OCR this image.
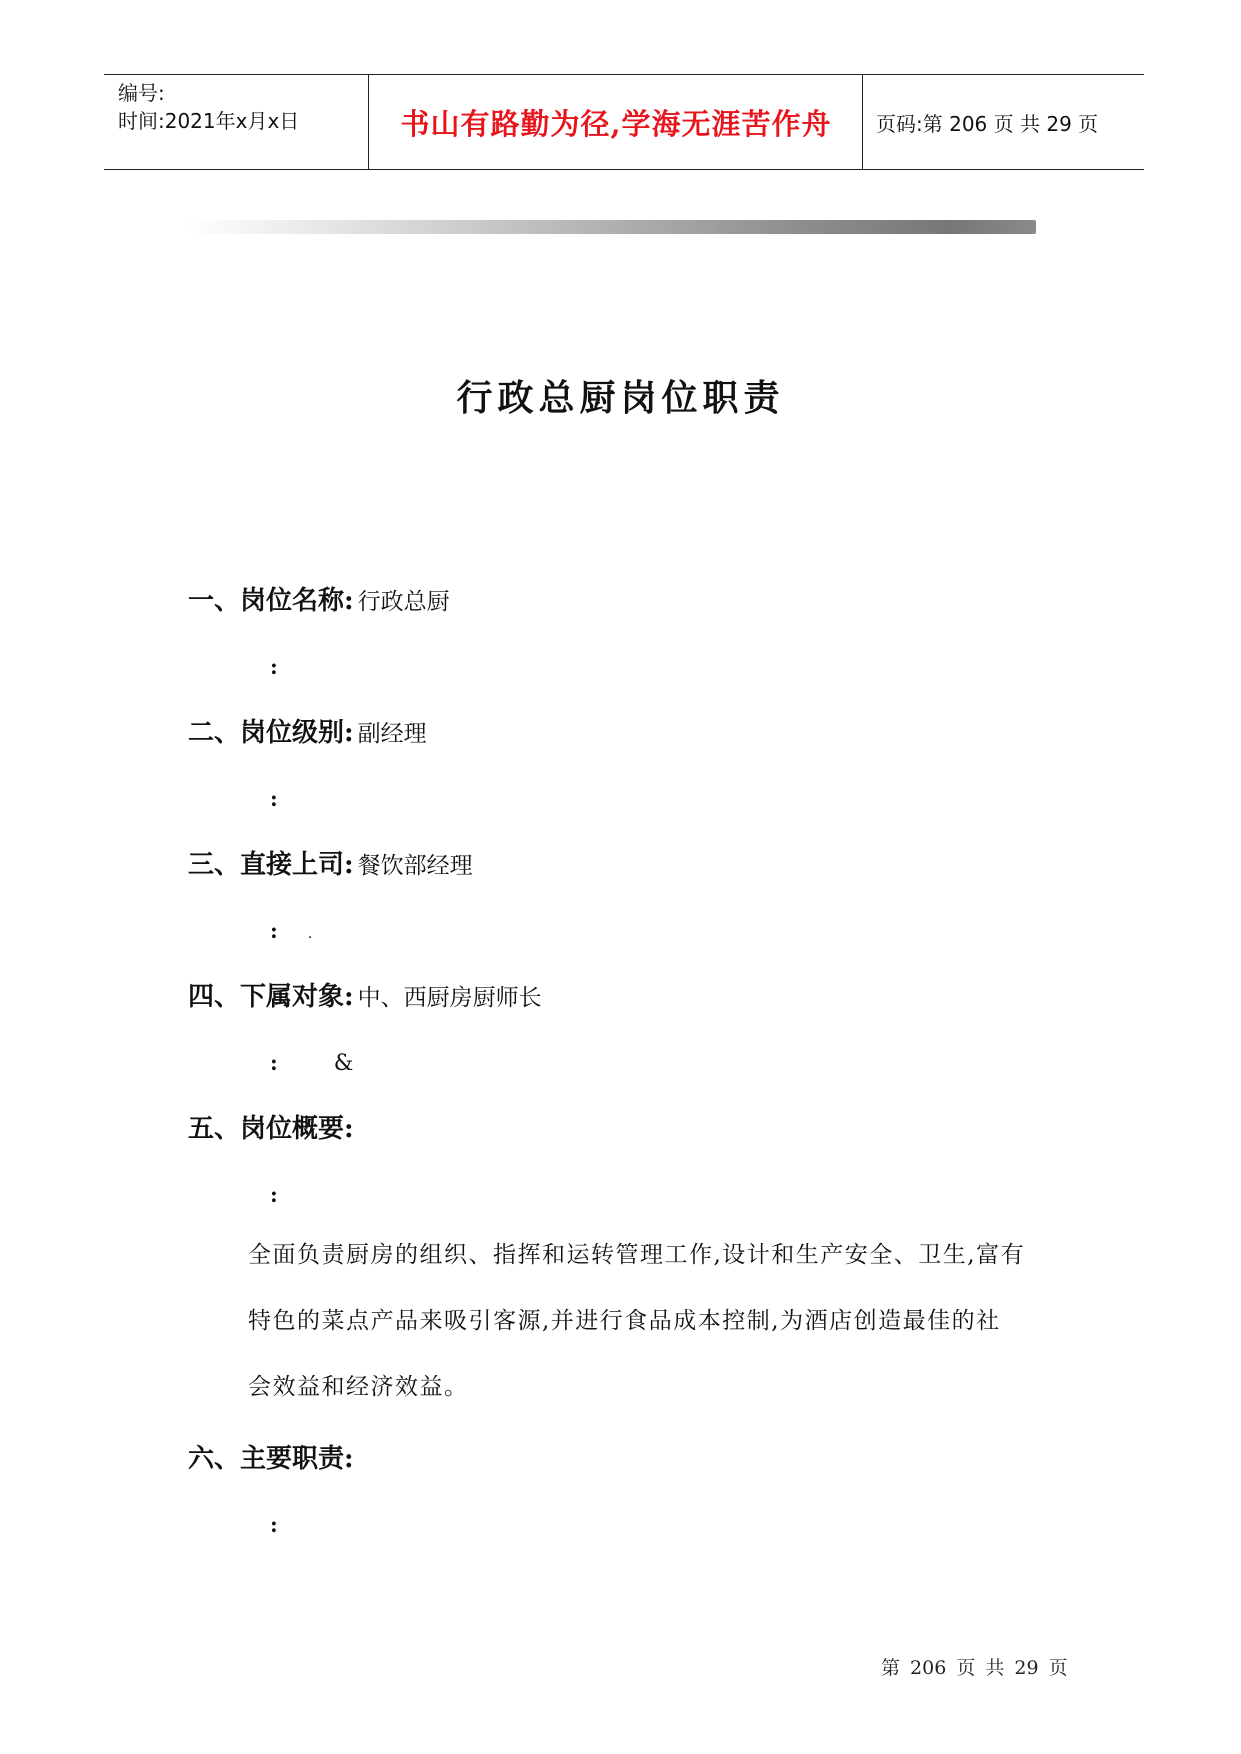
编号:
时间:2021年x月x日	书山有路勤为径,学海无涯苦作舟 页码:第 206 页 共 29 页
行政总厨岗位职责
一、岗位名称: 行政总厨
:
二、岗位级别: 副经理
:
三、直接上司: 餐饮部经理
: .
四、下属对象: 中、西厨房厨师长
:	&
五、岗位概要:
:
全面负责厨房的组织、指挥和运转管理工作,设计和生产安全、卫生,富有
特色的菜点产品来吸引客源,并进行食品成本控制,为酒店创造最佳的社
会效益和经济效益。
六、主要职责:
:
第 206 页 共 29 页
